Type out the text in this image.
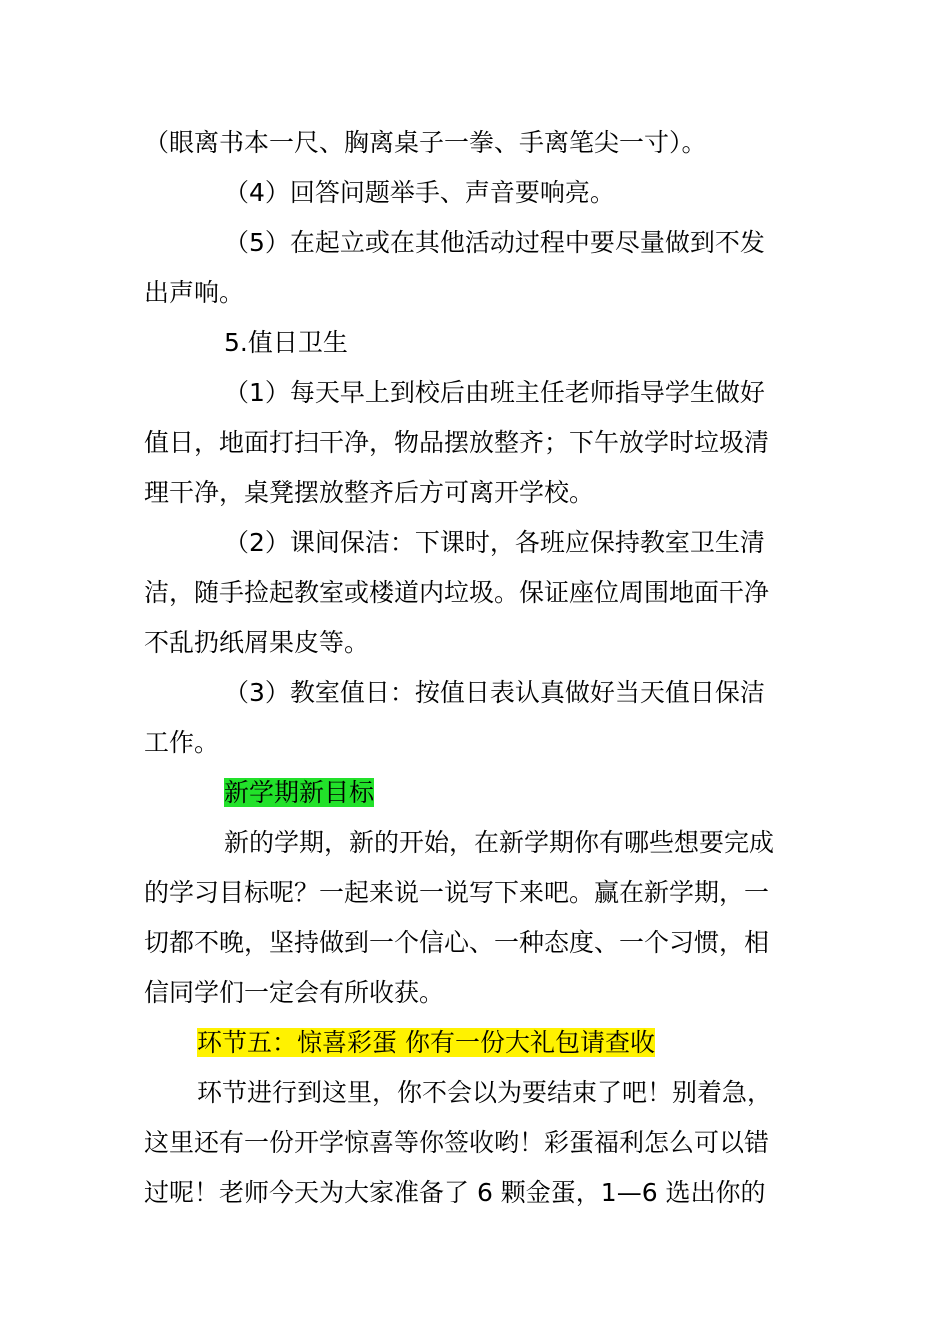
（眼离书本一尺、胸离桌子一拳、手离笔尖一寸）。
（4）回答问题举手、声音要响亮。
（5）在起立或在其他活动过程中要尽量做到不发
出声响。
5.值日卫生
（1）每天早上到校后由班主任老师指导学生做好
值日，地面打扫干净，物品摆放整齐；下午放学时垃圾清
理干净，桌凳摆放整齐后方可离开学校。
（2）课间保洁：下课时，各班应保持教室卫生清
洁，随手捡起教室或楼道内垃圾。保证座位周围地面干净
不乱扔纸屑果皮等。
（3）教室值日：按值日表认真做好当天值日保洁
工作。
新学期新目标
新的学期，新的开始，在新学期你有哪些想要完成
的学习目标呢？一起来说一说写下来吧。赢在新学期，一
切都不晚，坚持做到一个信心、一种态度、一个习惯，相
信同学们一定会有所收获。
环节五：惊喜彩蛋 你有一份大礼包请查收
环节进行到这里，你不会以为要结束了吧！别着急，
这里还有一份开学惊喜等你签收哟！彩蛋福利怎么可以错
过呢！老师今天为大家准备了 6 颗金蛋，1—6 选出你的
